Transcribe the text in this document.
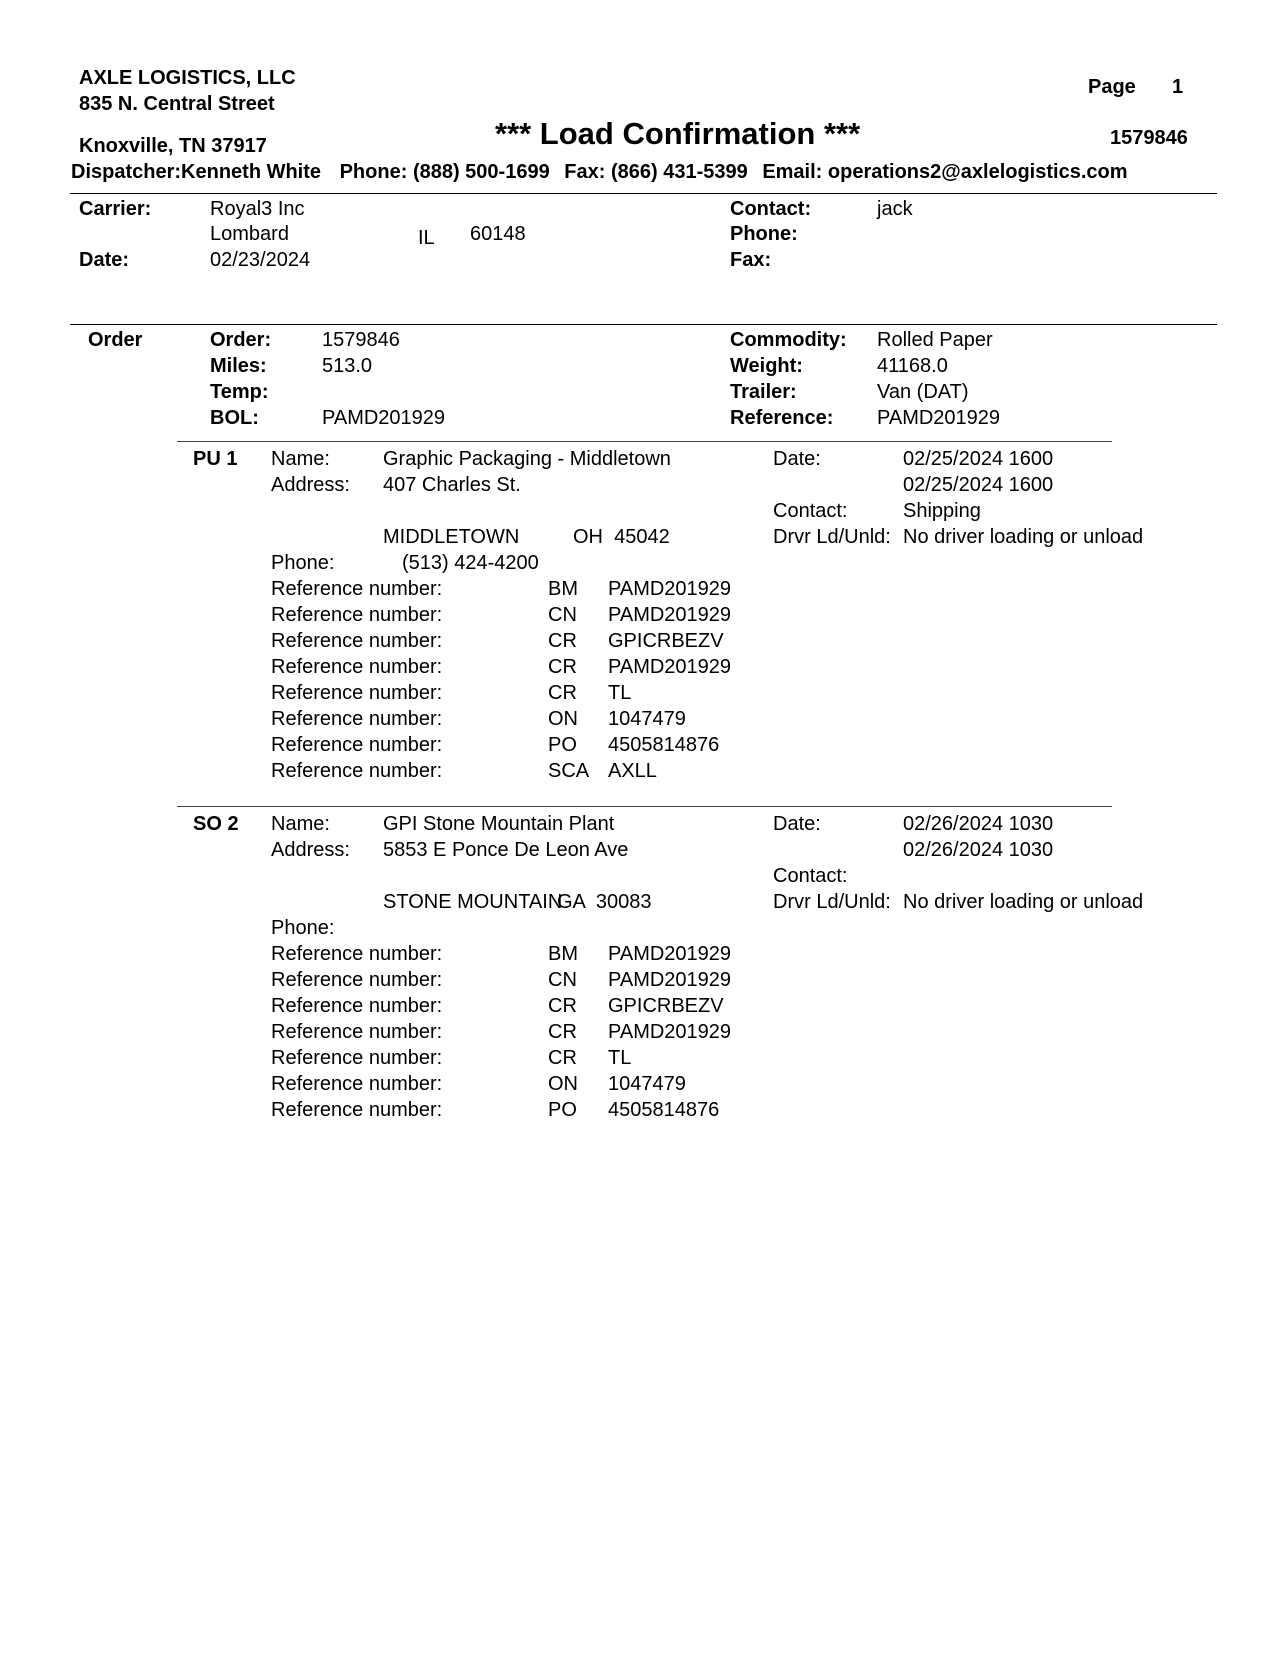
AXLE LOGISTICS, LLC
835 N. Central Street
Knoxville, TN 37917
Page 1
*** Load Confirmation ***	1579846
Dispatcher:Kenneth White Phone: (888) 500-1699 Fax: (866) 431-5399 Email: operations2@axlelogistics.com
Carrier:	Royal3 Inc
Lombard	IL 60148
Date:	02/23/2024
Contact:	jack
Phone:
Fax:
Order	Order:	1579846
Miles:	513.0
Temp:
BOL:	PAMD201929
Commodity: Rolled Paper
Weight:	41168.0
Trailer:	Van (DAT)
Reference: PAMD201929
PU 1 Name:	Graphic Packaging - Middletown
Address: 407 Charles St.
MIDDLETOWN	OH  45042
Phone:	(513) 424-4200
Date:	02/25/2024 1600
02/25/2024 1600
Contact:	Shipping
Drvr Ld/Unld: No driver loading or unload
Reference number:	BM PAMD201929
Reference number:	CN PAMD201929
Reference number:	CR GPICRBEZV
Reference number:	CR PAMD201929
Reference number:	CR TL
Reference number:	ON 1047479
Reference number:	PO 4505814876
Reference number:	SCA AXLL
SO 2 Name:	GPI Stone Mountain Plant
Address: 5853 E Ponce De Leon Ave
STONE MOUNTAIN
GA  30083
Phone:
Date:	02/26/2024 1030
02/26/2024 1030
Contact:
Drvr Ld/Unld: No driver loading or unload
Reference number:	BM PAMD201929
Reference number:	CN PAMD201929
Reference number:	CR GPICRBEZV
Reference number:	CR PAMD201929
Reference number:	CR TL
Reference number:	ON 1047479
Reference number:	PO 4505814876
